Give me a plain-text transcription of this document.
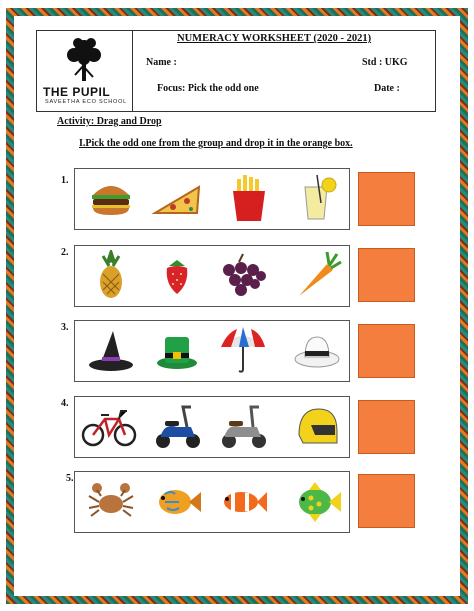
THE PUPIL
SAVEETHA ECO SCHOOL
NUMERACY WORKSHEET (2020 - 2021)
Name :	Std : UKG
Focus: Pick the odd one	Date :
Activity: Drag and Drop
I.Pick the odd one from the group and drop it in the orange box.
1.
2.
3.
4.
5.
